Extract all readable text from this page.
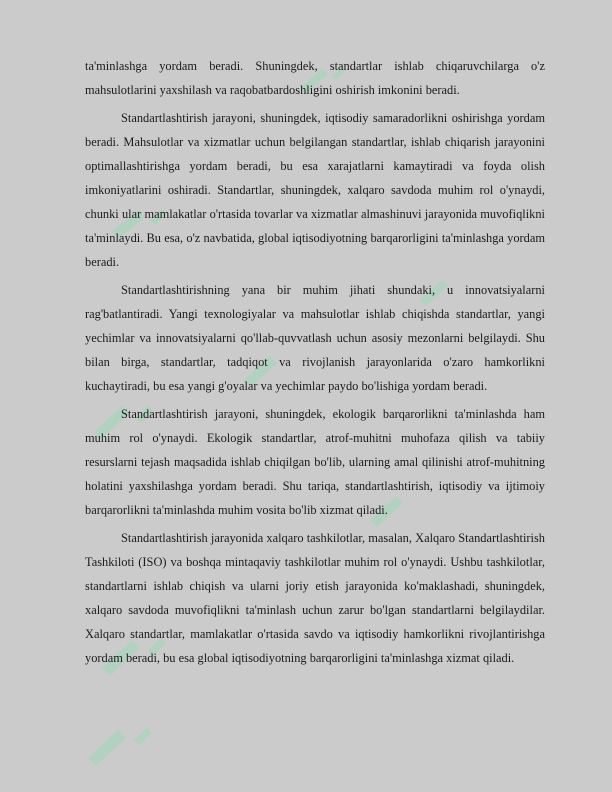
ta'minlashga yordam beradi. Shuningdek, standartlar ishlab chiqaruvchilarga o'z mahsulotlarini yaxshilash va raqobatbardoshligini oshirish imkonini beradi.

Standartlashtirish jarayoni, shuningdek, iqtisodiy samaradorlikni oshirishga yordam beradi. Mahsulotlar va xizmatlar uchun belgilangan standartlar, ishlab chiqarish jarayonini optimallashtirishga yordam beradi, bu esa xarajatlarni kamaytiradi va foyda olish imkoniyatlarini oshiradi. Standartlar, shuningdek, xalqaro savdoda muhim rol o'ynaydi, chunki ular mamlakatlar o'rtasida tovarlar va xizmatlar almashinuvi jarayonida muvofiqlikni ta'minlaydi. Bu esa, o'z navbatida, global iqtisodiyotning barqarorligini ta'minlashga yordam beradi.

Standartlashtirishning yana bir muhim jihati shundaki, u innovatsiyalarni rag'batlantiradi. Yangi texnologiyalar va mahsulotlar ishlab chiqishda standartlar, yangi yechimlar va innovatsiyalarni qo'llab-quvvatlash uchun asosiy mezonlarni belgilaydi. Shu bilan birga, standartlar, tadqiqot va rivojlanish jarayonlarida o'zaro hamkorlikni kuchaytiradi, bu esa yangi g'oyalar va yechimlar paydo bo'lishiga yordam beradi.

Standartlashtirish jarayoni, shuningdek, ekologik barqarorlikni ta'minlashda ham muhim rol o'ynaydi. Ekologik standartlar, atrof-muhitni muhofaza qilish va tabiiy resurslarni tejash maqsadida ishlab chiqilgan bo'lib, ularning amal qilinishi atrof-muhitning holatini yaxshilashga yordam beradi. Shu tariqa, standartlashtirish, iqtisodiy va ijtimoiy barqarorlikni ta'minlashda muhim vosita bo'lib xizmat qiladi.

Standartlashtirish jarayonida xalqaro tashkilotlar, masalan, Xalqaro Standartlashtirish Tashkiloti (ISO) va boshqa mintaqaviy tashkilotlar muhim rol o'ynaydi. Ushbu tashkilotlar, standartlarni ishlab chiqish va ularni joriy etish jarayonida ko'maklashadi, shuningdek, xalqaro savdoda muvofiqlikni ta'minlash uchun zarur bo'lgan standartlarni belgilaydilar. Xalqaro standartlar, mamlakatlar o'rtasida savdo va iqtisodiy hamkorlikni rivojlantirishga yordam beradi, bu esa global iqtisodiyotning barqarorligini ta'minlashga xizmat qiladi.
